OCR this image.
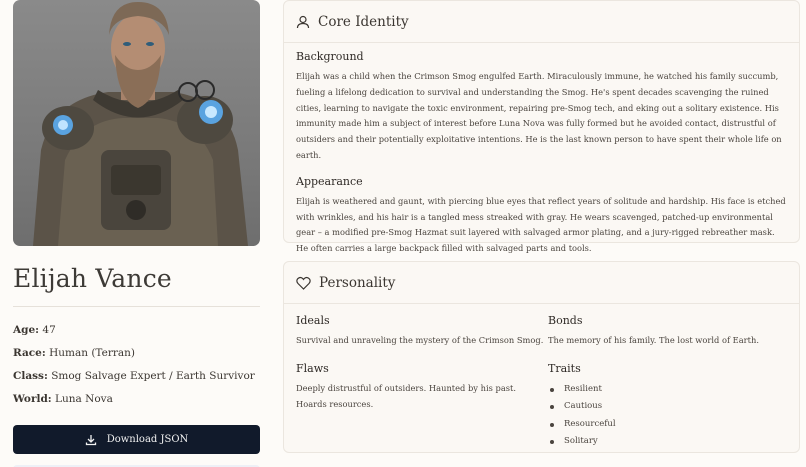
Elijah Vance
Age: 47
Race: Human (Terran)
Class: Smog Salvage Expert / Earth Survivor
World: Luna Nova
Download JSON
Core Identity
Background

Elijah was a child when the Crimson Smog engulfed Earth. Miraculously immune, he watched his family succumb, fueling a lifelong dedication to survival and understanding the Smog. He's spent decades scavenging the ruined cities, learning to navigate the toxic environment, repairing pre-Smog tech, and eking out a solitary existence. His immunity made him a subject of interest before Luna Nova was fully formed but he avoided contact, distrustful of outsiders and their potentially exploitative intentions. He is the last known person to have spent their whole life on earth.

Appearance

Elijah is weathered and gaunt, with piercing blue eyes that reflect years of solitude and hardship. His face is etched with wrinkles, and his hair is a tangled mess streaked with gray. He wears scavenged, patched-up environmental gear – a modified pre-Smog Hazmat suit layered with salvaged armor plating, and a jury-rigged rebreather mask. He often carries a large backpack filled with salvaged parts and tools.

Personality
Ideals

Survival and unraveling the mystery of the Crimson Smog.

Flaws

Deeply distrustful of outsiders. Haunted by his past. Hoards resources.

Bonds

The memory of his family. The lost world of Earth.

Traits
Resilient
Cautious
Resourceful
Solitary
